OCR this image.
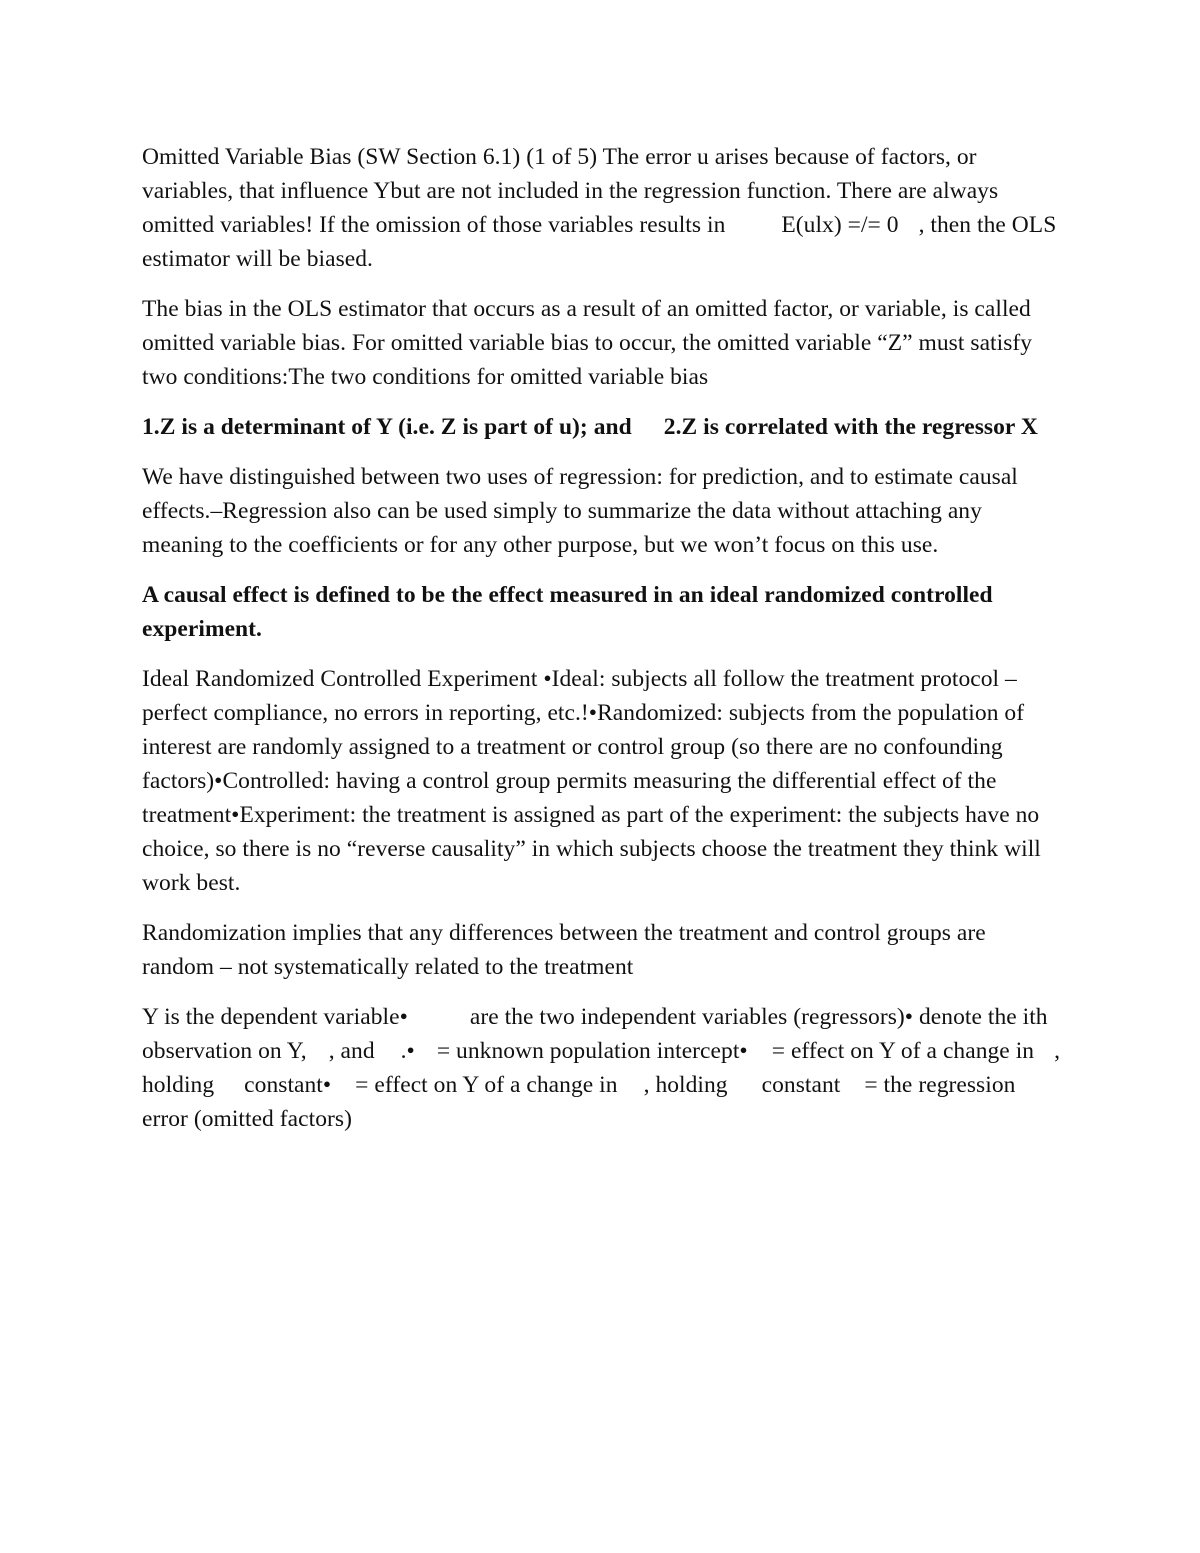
Omitted Variable Bias (SW Section 6.1) (1 of 5) The error u arises because of factors, or variables, that influence Ybut are not included in the regression function. There are always omitted variables! If the omission of those variables results in E(ulx) =/= 0 , then the OLS estimator will be biased.

The bias in the OLS estimator that occurs as a result of an omitted factor, or variable, is called omitted variable bias. For omitted variable bias to occur, the omitted variable “Z” must satisfy two conditions:The two conditions for omitted variable bias

1.Z is a determinant of Y (i.e. Z is part of u); and 2.Z is correlated with the regressor X

We have distinguished between two uses of regression: for prediction, and to estimate causal effects.–Regression also can be used simply to summarize the data without attaching any meaning to the coefficients or for any other purpose, but we won’t focus on this use.

A causal effect is defined to be the effect measured in an ideal randomized controlled experiment.

Ideal Randomized Controlled Experiment •Ideal: subjects all follow the treatment protocol – perfect compliance, no errors in reporting, etc.!•Randomized: subjects from the population of interest are randomly assigned to a treatment or control group (so there are no confounding factors)•Controlled: having a control group permits measuring the differential effect of the treatment•Experiment: the treatment is assigned as part of the experiment: the subjects have no choice, so there is no “reverse causality” in which subjects choose the treatment they think will work best.

Randomization implies that any differences between the treatment and control groups are random – not systematically related to the treatment

Y is the dependent variable•	are the two independent variables (regressors)• denote the ith observation on Y, , and .• = unknown population intercept• = effect on Y of a change in , holding constant• = effect on Y of a change in , holding constant = the regression error (omitted factors)
